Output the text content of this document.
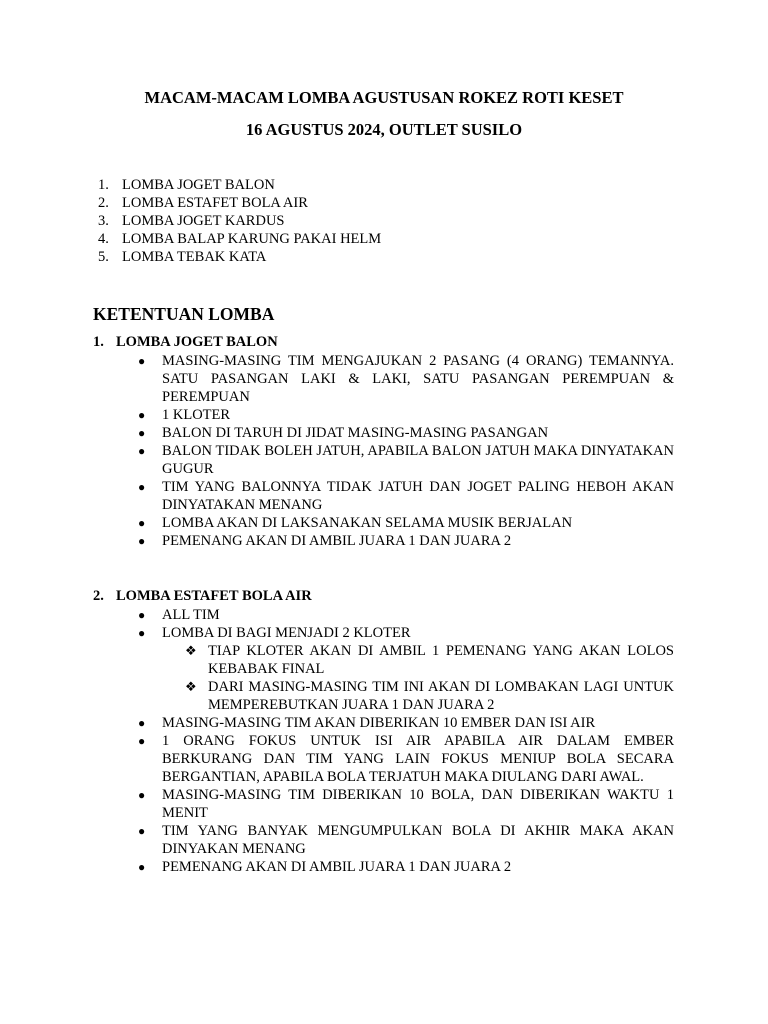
MACAM-MACAM LOMBA AGUSTUSAN ROKEZ ROTI KESET
16 AGUSTUS 2024, OUTLET SUSILO
1. LOMBA JOGET BALON
2. LOMBA ESTAFET BOLA AIR
3. LOMBA JOGET KARDUS
4. LOMBA BALAP KARUNG PAKAI HELM
5. LOMBA TEBAK KATA
KETENTUAN LOMBA
1. LOMBA JOGET BALON
● MASING-MASING TIM MENGAJUKAN 2 PASANG (4 ORANG) TEMANNYA. SATU PASANGAN LAKI & LAKI, SATU PASANGAN PEREMPUAN & PEREMPUAN
● 1 KLOTER
● BALON DI TARUH DI JIDAT MASING-MASING PASANGAN
● BALON TIDAK BOLEH JATUH, APABILA BALON JATUH MAKA DINYATAKAN GUGUR
● TIM YANG BALONNYA TIDAK JATUH DAN JOGET PALING HEBOH AKAN DINYATAKAN MENANG
● LOMBA AKAN DI LAKSANAKAN SELAMA MUSIK BERJALAN
● PEMENANG AKAN DI AMBIL JUARA 1 DAN JUARA 2
2. LOMBA ESTAFET BOLA AIR
● ALL TIM
● LOMBA DI BAGI MENJADI 2 KLOTER
❖ TIAP KLOTER AKAN DI AMBIL 1 PEMENANG YANG AKAN LOLOS KEBABAK FINAL
❖ DARI MASING-MASING TIM INI AKAN DI LOMBAKAN LAGI UNTUK MEMPEREBUTKAN JUARA 1 DAN JUARA 2
● MASING-MASING TIM AKAN DIBERIKAN 10 EMBER DAN ISI AIR
● 1 ORANG FOKUS UNTUK ISI AIR APABILA AIR DALAM EMBER BERKURANG DAN TIM YANG LAIN FOKUS MENIUP BOLA SECARA BERGANTIAN, APABILA BOLA TERJATUH MAKA DIULANG DARI AWAL.
● MASING-MASING TIM DIBERIKAN 10 BOLA, DAN DIBERIKAN WAKTU 1 MENIT
● TIM YANG BANYAK MENGUMPULKAN BOLA DI AKHIR MAKA AKAN DINYAKAN MENANG
● PEMENANG AKAN DI AMBIL JUARA 1 DAN JUARA 2
